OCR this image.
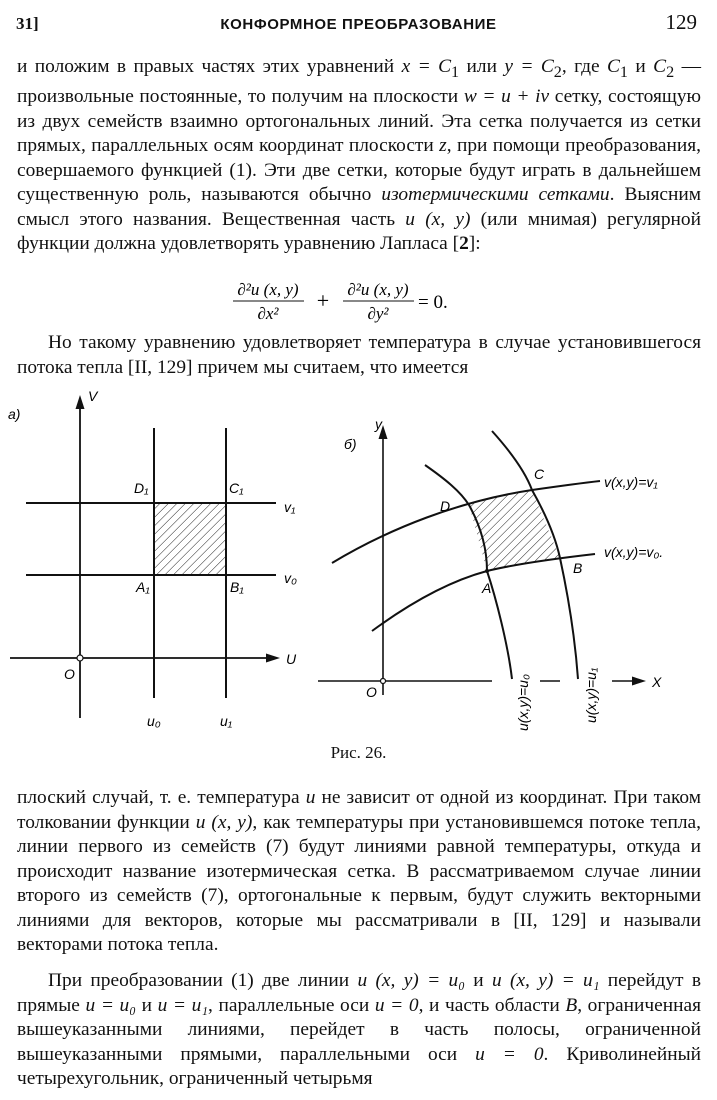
31]	КОНФОРМНОЕ ПРЕОБРАЗОВАНИЕ	129

и положим в правых частях этих уравнений $x = C_1$ или $y = C_2$, где $C_1$ и $C_2$ — произвольные постоянные, то получим на плоскости w = u + iv сетку, состоящую из двух семейств взаимно ортогональных линий. Эта сетка получается из сетки прямых, параллельных осям координат плоскости z, при помощи преобразования, совершаемого функцией (1). Эти две сетки, которые будут играть в дальнейшем существенную роль, называются обычно изотермическими сетками. Выясним смысл этого названия. Вещественная часть u (x, y) (или мнимая) регулярной функции должна удовлетворять уравнению Лапласа [2]:

∂²u (x, y)
∂x²
+ ∂²u (x, y)
∂y²
= 0.

Но такому уравнению удовлетворяет температура в случае установившегося потока тепла [II, 129] причем мы считаем, что имеется

а)
V
U
O
D₁	C₁
A₁	B₁
v₁
v₀
u₀	u₁
б)
y
X
O
A
B
C
D
v(x,y)=v₁
v(x,y)=v₀.
u(x,y)=u₀	u(x,y)=u₁
Рис. 26.

плоский случай, т. е. температура u не зависит от одной из координат. При таком толковании функции u (x, y), как температуры при установившемся потоке тепла, линии первого из семейств (7) будут линиями равной температуры, откуда и происходит название изотермическая сетка. В рассматриваемом случае линии второго из семейств (7), ортогональные к первым, будут служить векторными линиями для векторов, которые мы рассматривали в [II, 129] и называли векторами потока тепла.

При преобразовании (1) две линии u (x, y) = u₀ и u (x, y) = u₁ перейдут в прямые u = u₀ и u = u₁, параллельные оси u = 0, и часть области B, ограниченная вышеуказанными линиями, перейдет в часть полосы, ограниченной вышеуказанными прямыми, параллельными оси u = 0. Криволинейный четырехугольник, ограниченный четырьмя
